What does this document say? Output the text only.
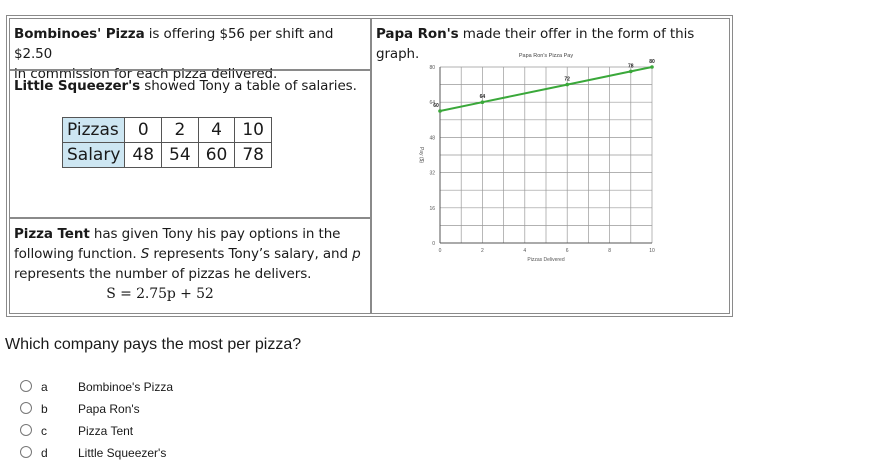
Bombinoes' Pizza is offering $56 per shift and $2.50
in commission for each pizza delivered.
Little Squeezer's showed Tony a table of salaries.
Pizzas	0	2	4	10
Salary	48	54	60	78
Pizza Tent has given Tony his pay options in the
following function. S represents Tony’s salary, and p
represents the number of pizzas he delivers.
S = 2.75p + 52
Papa Ron's made their offer in the form of this graph.	Papa Ron's Pizza Pay
0
16
32
48
64
80
0	2	4	6	8	10
Pizzas Delivered
Pay ($)
60
64
72
78
80
Which company pays the most per pizza?
a	Bombinoe's Pizza
b	Papa Ron's
c	Pizza Tent
d	Little Squeezer's
